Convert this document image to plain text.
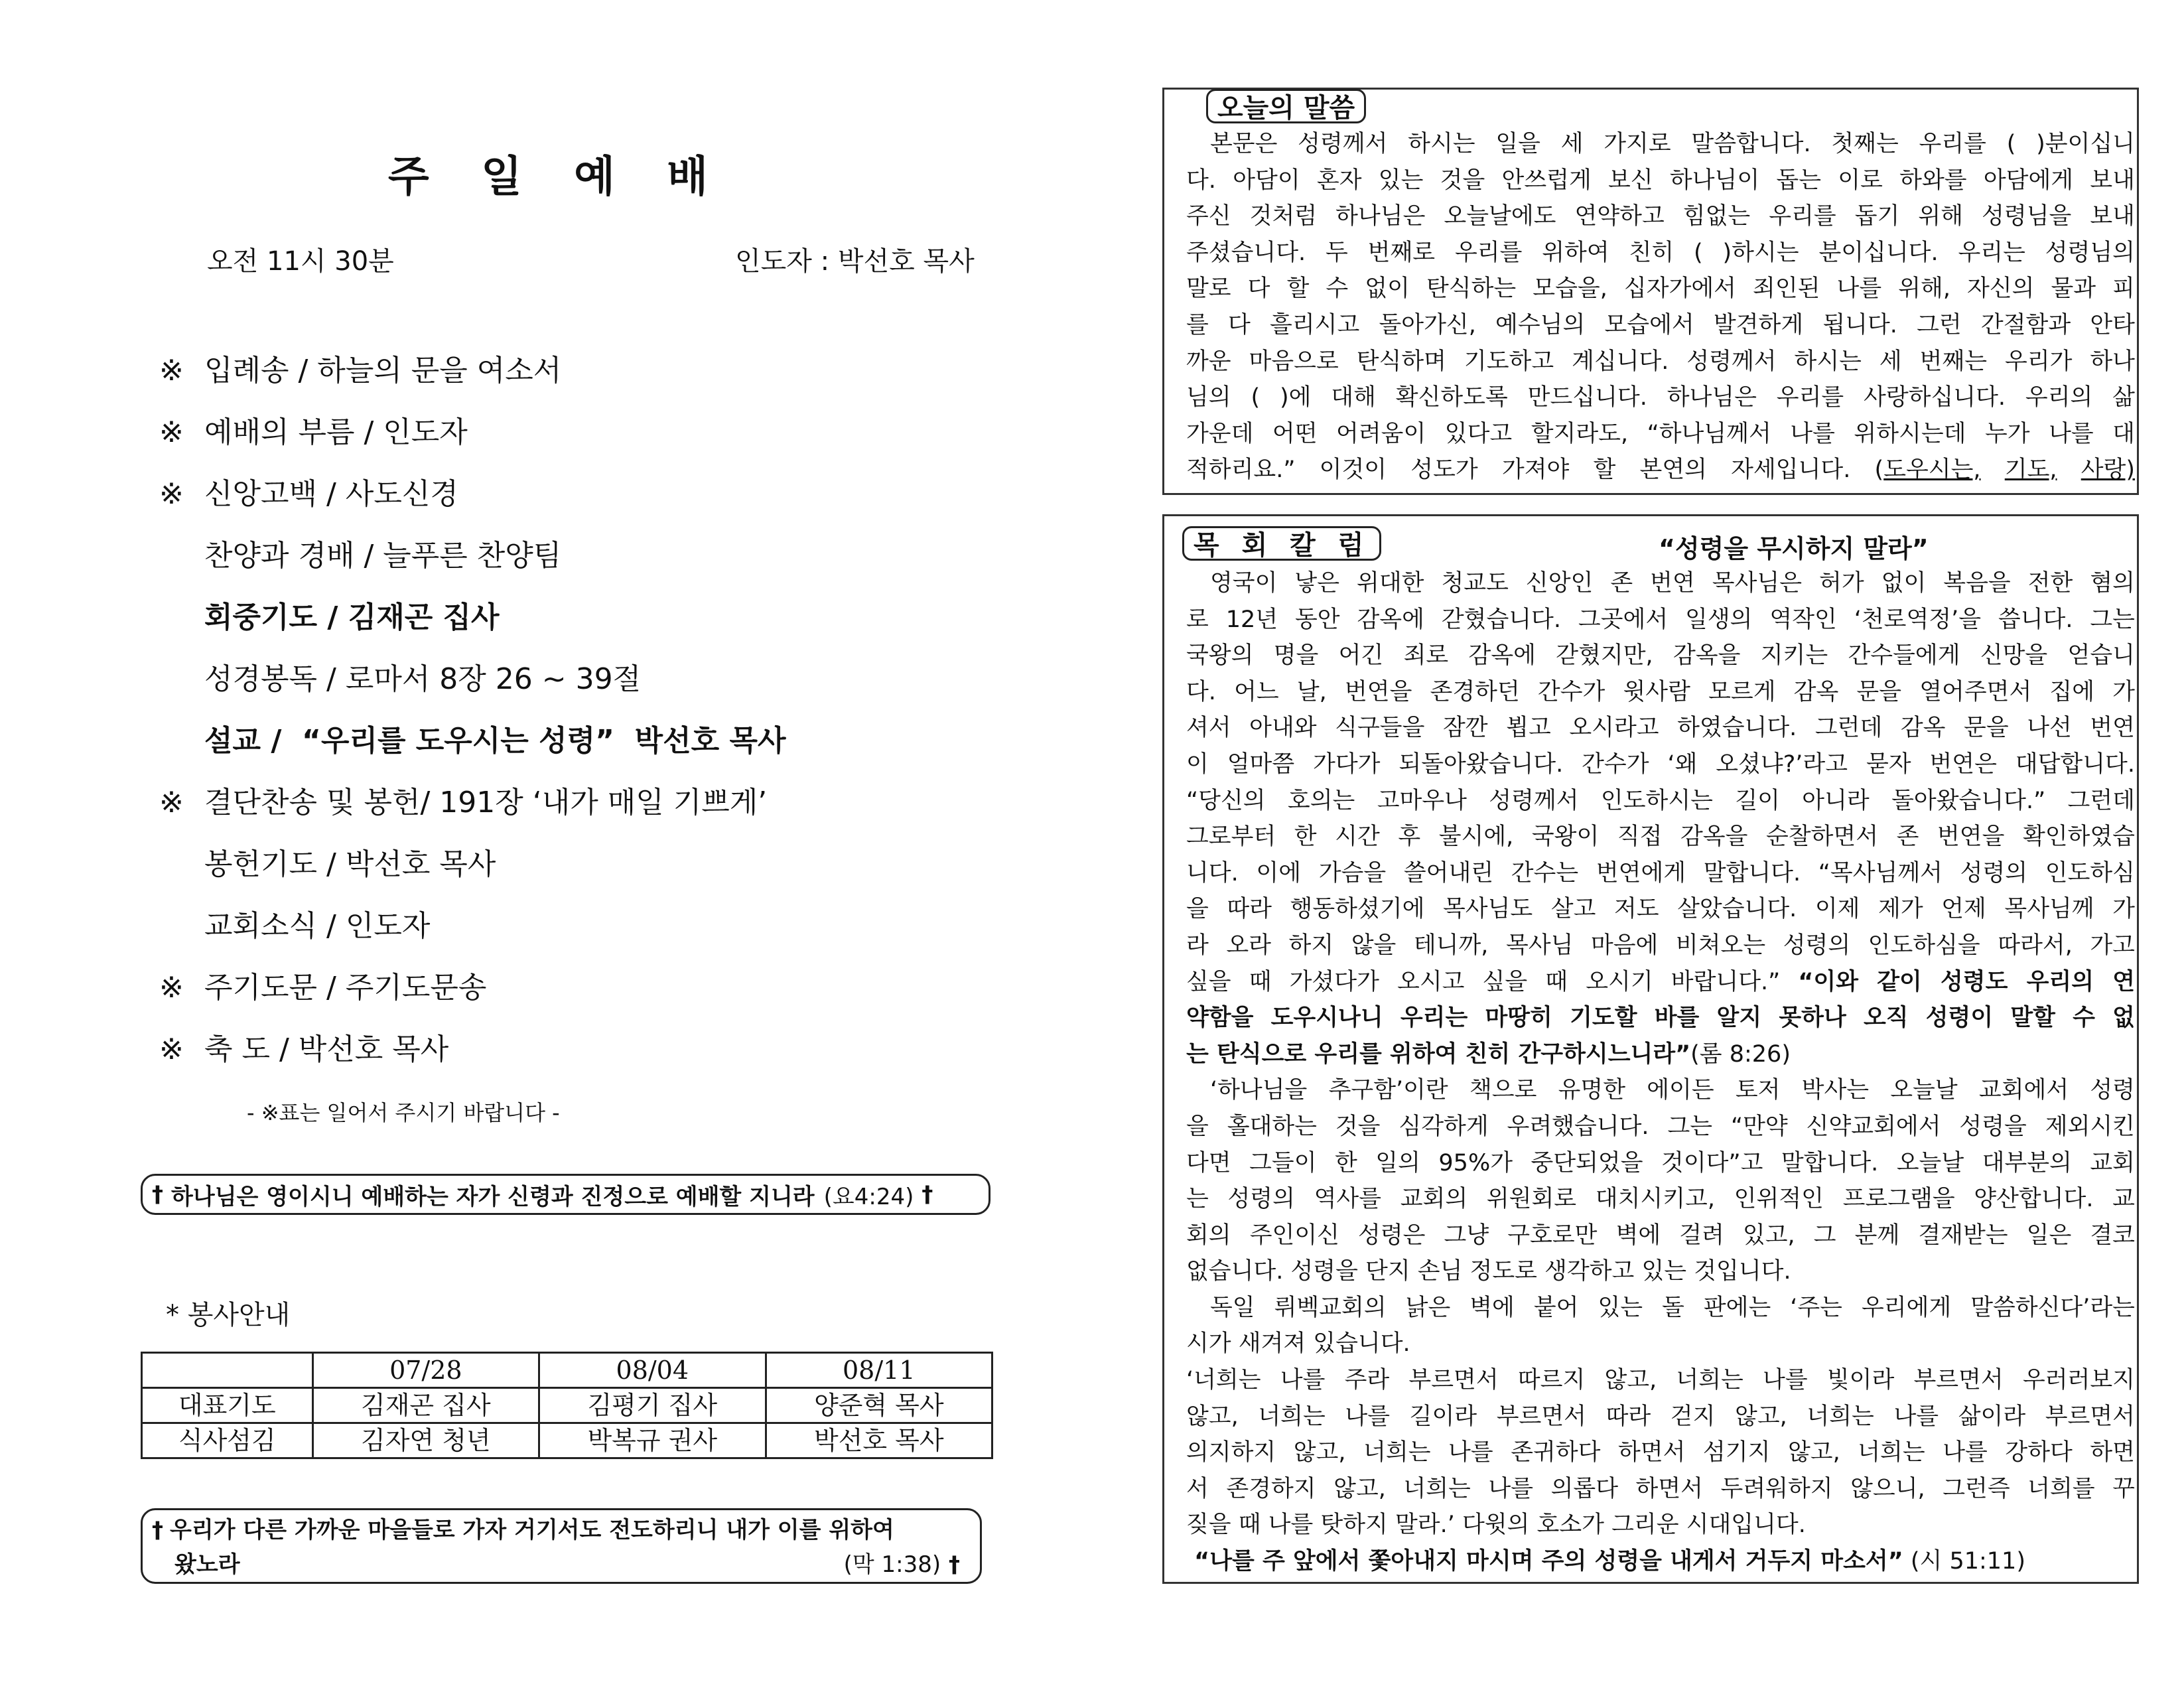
주 일 예 배
오전 11시 30분	인도자 : 박선호 목사
※ 입례송 / 하늘의 문을 여소서
※ 예배의 부름 / 인도자
※ 신앙고백 / 사도신경
찬양과 경배 / 늘푸른 찬양팀
회중기도 / 김재곤 집사
성경봉독 / 로마서 8장 26 ~ 39절
설교 /  “우리를 도우시는 성령”  박선호 목사
※ 결단찬송 및 봉헌/ 191장 ‘내가 매일 기쁘게’
봉헌기도 / 박선호 목사
교회소식 / 인도자
※ 주기도문 / 주기도문송
※ 축 도 / 박선호 목사
- ※표는 일어서 주시기 바랍니다 -
† 하나님은 영이시니 예배하는 자가 신령과 진정으로 예배할 지니라 (요4:24) †
* 봉사안내
	07/28	08/04	08/11
대표기도	김재곤 집사	김평기 집사	양준혁 목사
식사섬김	김자연 청년	박복규 권사	박선호 목사
† 우리가 다른 가까운 마을들로 가자 거기서도 전도하리니 내가 이를 위하여
왔노라	(막 1:38) †
오늘의 말씀
본문은 성령께서 하시는 일을 세 가지로 말씀합니다. 첫째는 우리를 ( )분이십니
다. 아담이 혼자 있는 것을 안쓰럽게 보신 하나님이 돕는 이로 하와를 아담에게 보내
주신 것처럼 하나님은 오늘날에도 연약하고 힘없는 우리를 돕기 위해 성령님을 보내
주셨습니다. 두 번째로 우리를 위하여 친히 ( )하시는 분이십니다. 우리는 성령님의
말로 다 할 수 없이 탄식하는 모습을, 십자가에서 죄인된 나를 위해, 자신의 물과 피
를 다 흘리시고 돌아가신, 예수님의 모습에서 발견하게 됩니다. 그런 간절함과 안타
까운 마음으로 탄식하며 기도하고 계십니다. 성령께서 하시는 세 번째는 우리가 하나
님의 ( )에 대해 확신하도록 만드십니다. 하나님은 우리를 사랑하십니다. 우리의 삶
가운데 어떤 어려움이 있다고 할지라도, “하나님께서 나를 위하시는데 누가 나를 대
적하리요.” 이것이 성도가 가져야 할 본연의 자세입니다. (도우시는, 기도, 사랑)
목 회 칼 럼	“성령을 무시하지 말라”
영국이 낳은 위대한 청교도 신앙인 존 번연 목사님은 허가 없이 복음을 전한 혐의
로 12년 동안 감옥에 갇혔습니다. 그곳에서 일생의 역작인 ‘천로역정’을 씁니다. 그는
국왕의 명을 어긴 죄로 감옥에 갇혔지만, 감옥을 지키는 간수들에게 신망을 얻습니
다. 어느 날, 번연을 존경하던 간수가 윗사람 모르게 감옥 문을 열어주면서 집에 가
셔서 아내와 식구들을 잠깐 뵙고 오시라고 하였습니다. 그런데 감옥 문을 나선 번연
이 얼마쯤 가다가 되돌아왔습니다. 간수가 ‘왜 오셨냐?’라고 묻자 번연은 대답합니다.
“당신의 호의는 고마우나 성령께서 인도하시는 길이 아니라 돌아왔습니다.” 그런데
그로부터 한 시간 후 불시에, 국왕이 직접 감옥을 순찰하면서 존 번연을 확인하였습
니다. 이에 가슴을 쓸어내린 간수는 번연에게 말합니다. “목사님께서 성령의 인도하심
을 따라 행동하셨기에 목사님도 살고 저도 살았습니다. 이제 제가 언제 목사님께 가
라 오라 하지 않을 테니까, 목사님 마음에 비쳐오는 성령의 인도하심을 따라서, 가고
싶을 때 가셨다가 오시고 싶을 때 오시기 바랍니다.” “이와 같이 성령도 우리의 연
약함을 도우시나니 우리는 마땅히 기도할 바를 알지 못하나 오직 성령이 말할 수 없
는 탄식으로 우리를 위하여 친히 간구하시느니라”(롬 8:26)
‘하나님을 추구함’이란 책으로 유명한 에이든 토저 박사는 오늘날 교회에서 성령
을 홀대하는 것을 심각하게 우려했습니다. 그는 “만약 신약교회에서 성령을 제외시킨
다면 그들이 한 일의 95%가 중단되었을 것이다”고 말합니다. 오늘날 대부분의 교회
는 성령의 역사를 교회의 위원회로 대치시키고, 인위적인 프로그램을 양산합니다. 교
회의 주인이신 성령은 그냥 구호로만 벽에 걸려 있고, 그 분께 결재받는 일은 결코
없습니다. 성령을 단지 손님 정도로 생각하고 있는 것입니다.
독일 뤼벡교회의 낡은 벽에 붙어 있는 돌 판에는 ‘주는 우리에게 말씀하신다’라는
시가 새겨져 있습니다.
‘너희는 나를 주라 부르면서 따르지 않고, 너희는 나를 빛이라 부르면서 우러러보지
않고, 너희는 나를 길이라 부르면서 따라 걷지 않고, 너희는 나를 삶이라 부르면서
의지하지 않고, 너희는 나를 존귀하다 하면서 섬기지 않고, 너희는 나를 강하다 하면
서 존경하지 않고, 너희는 나를 의롭다 하면서 두려워하지 않으니, 그런즉 너희를 꾸
짖을 때 나를 탓하지 말라.’ 다윗의 호소가 그리운 시대입니다.
“나를 주 앞에서 쫓아내지 마시며 주의 성령을 내게서 거두지 마소서” (시 51:11)
